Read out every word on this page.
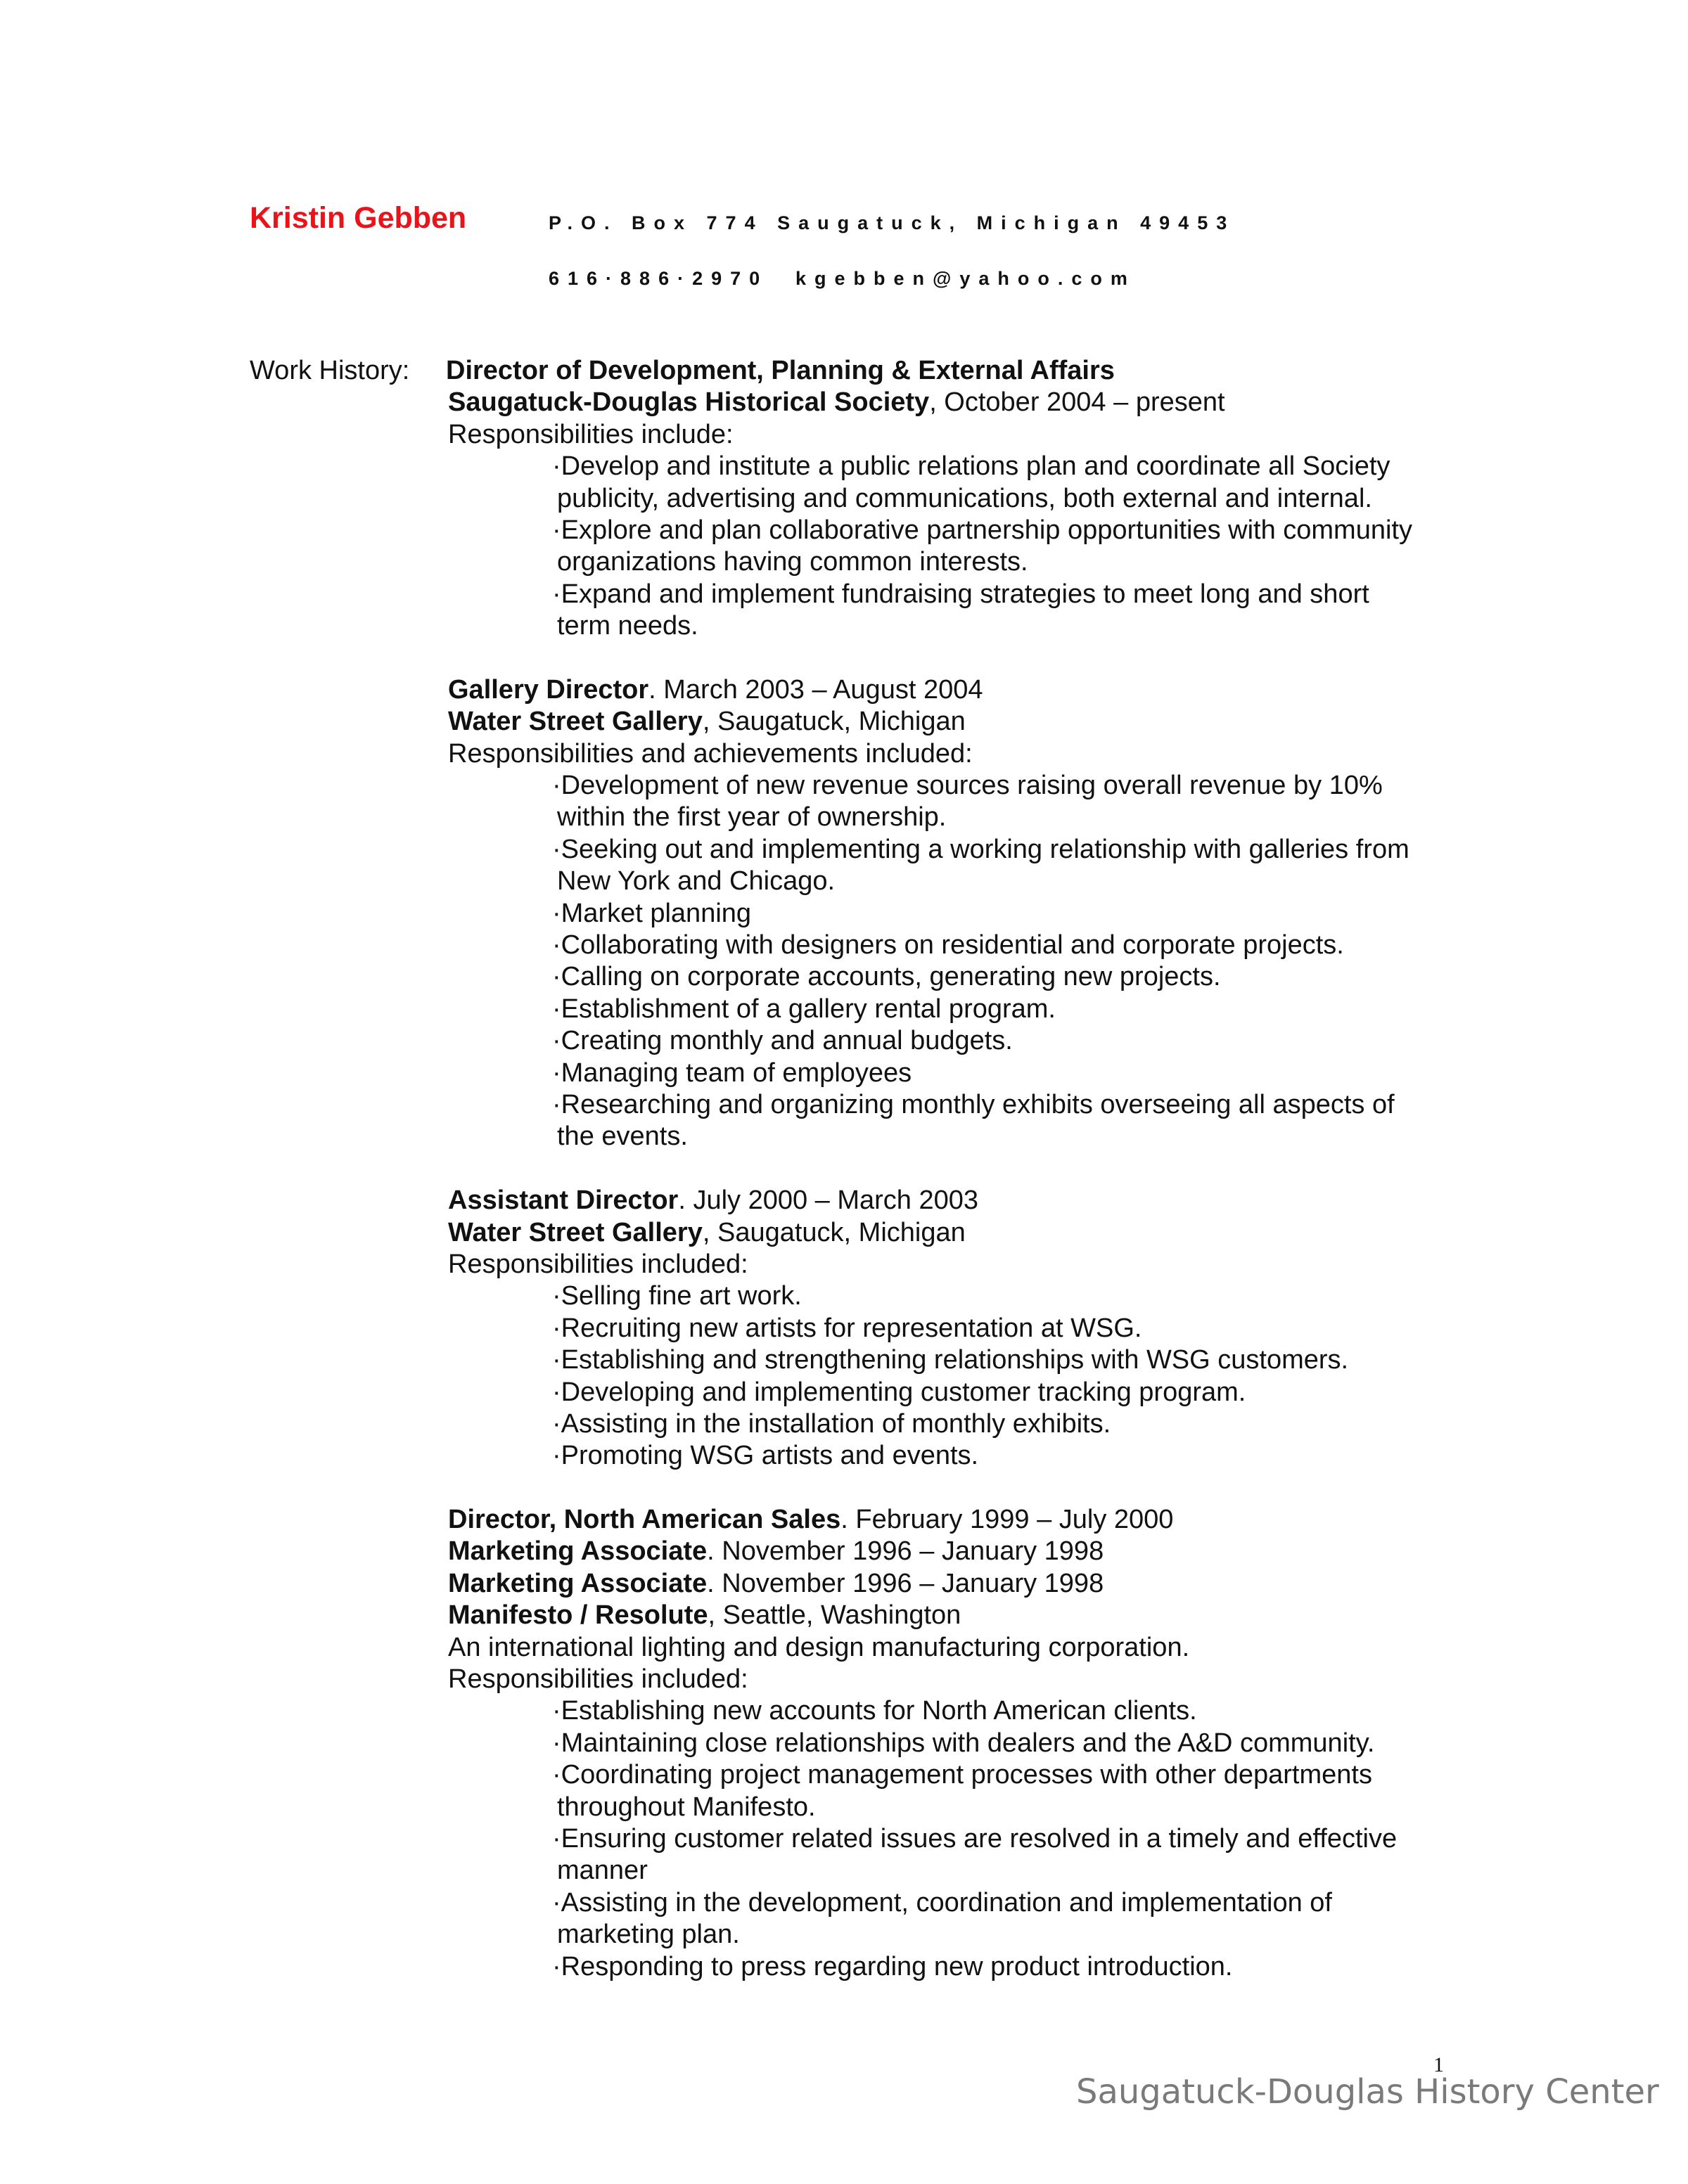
Kristin Gebben	P.O. Box 774 Saugatuck, Michigan 49453
616·886·2970 kgebben@yahoo.com
Work History: Director of Development, Planning & External Affairs
Saugatuck-Douglas Historical Society, October 2004 – present
Responsibilities include:
·Develop and institute a public relations plan and coordinate all Society
publicity, advertising and communications, both external and internal.
·Explore and plan collaborative partnership opportunities with community
organizations having common interests.
·Expand and implement fundraising strategies to meet long and short
term needs.
Gallery Director. March 2003 – August 2004
Water Street Gallery, Saugatuck, Michigan
Responsibilities and achievements included:
·Development of new revenue sources raising overall revenue by 10%
within the first year of ownership.
·Seeking out and implementing a working relationship with galleries from
New York and Chicago.
·Market planning
·Collaborating with designers on residential and corporate projects.
·Calling on corporate accounts, generating new projects.
·Establishment of a gallery rental program.
·Creating monthly and annual budgets.
·Managing team of employees
·Researching and organizing monthly exhibits overseeing all aspects of
the events.
Assistant Director. July 2000 – March 2003
Water Street Gallery, Saugatuck, Michigan
Responsibilities included:
·Selling fine art work.
·Recruiting new artists for representation at WSG.
·Establishing and strengthening relationships with WSG customers.
·Developing and implementing customer tracking program.
·Assisting in the installation of monthly exhibits.
·Promoting WSG artists and events.
Director, North American Sales. February 1999 – July 2000
Marketing Associate. November 1996 – January 1998
Marketing Associate. November 1996 – January 1998
Manifesto / Resolute, Seattle, Washington
An international lighting and design manufacturing corporation.
Responsibilities included:
·Establishing new accounts for North American clients.
·Maintaining close relationships with dealers and the A&D community.
·Coordinating project management processes with other departments
throughout Manifesto.
·Ensuring customer related issues are resolved in a timely and effective
manner
·Assisting in the development, coordination and implementation of
marketing plan.
·Responding to press regarding new product introduction.
1
Saugatuck-Douglas History Center
